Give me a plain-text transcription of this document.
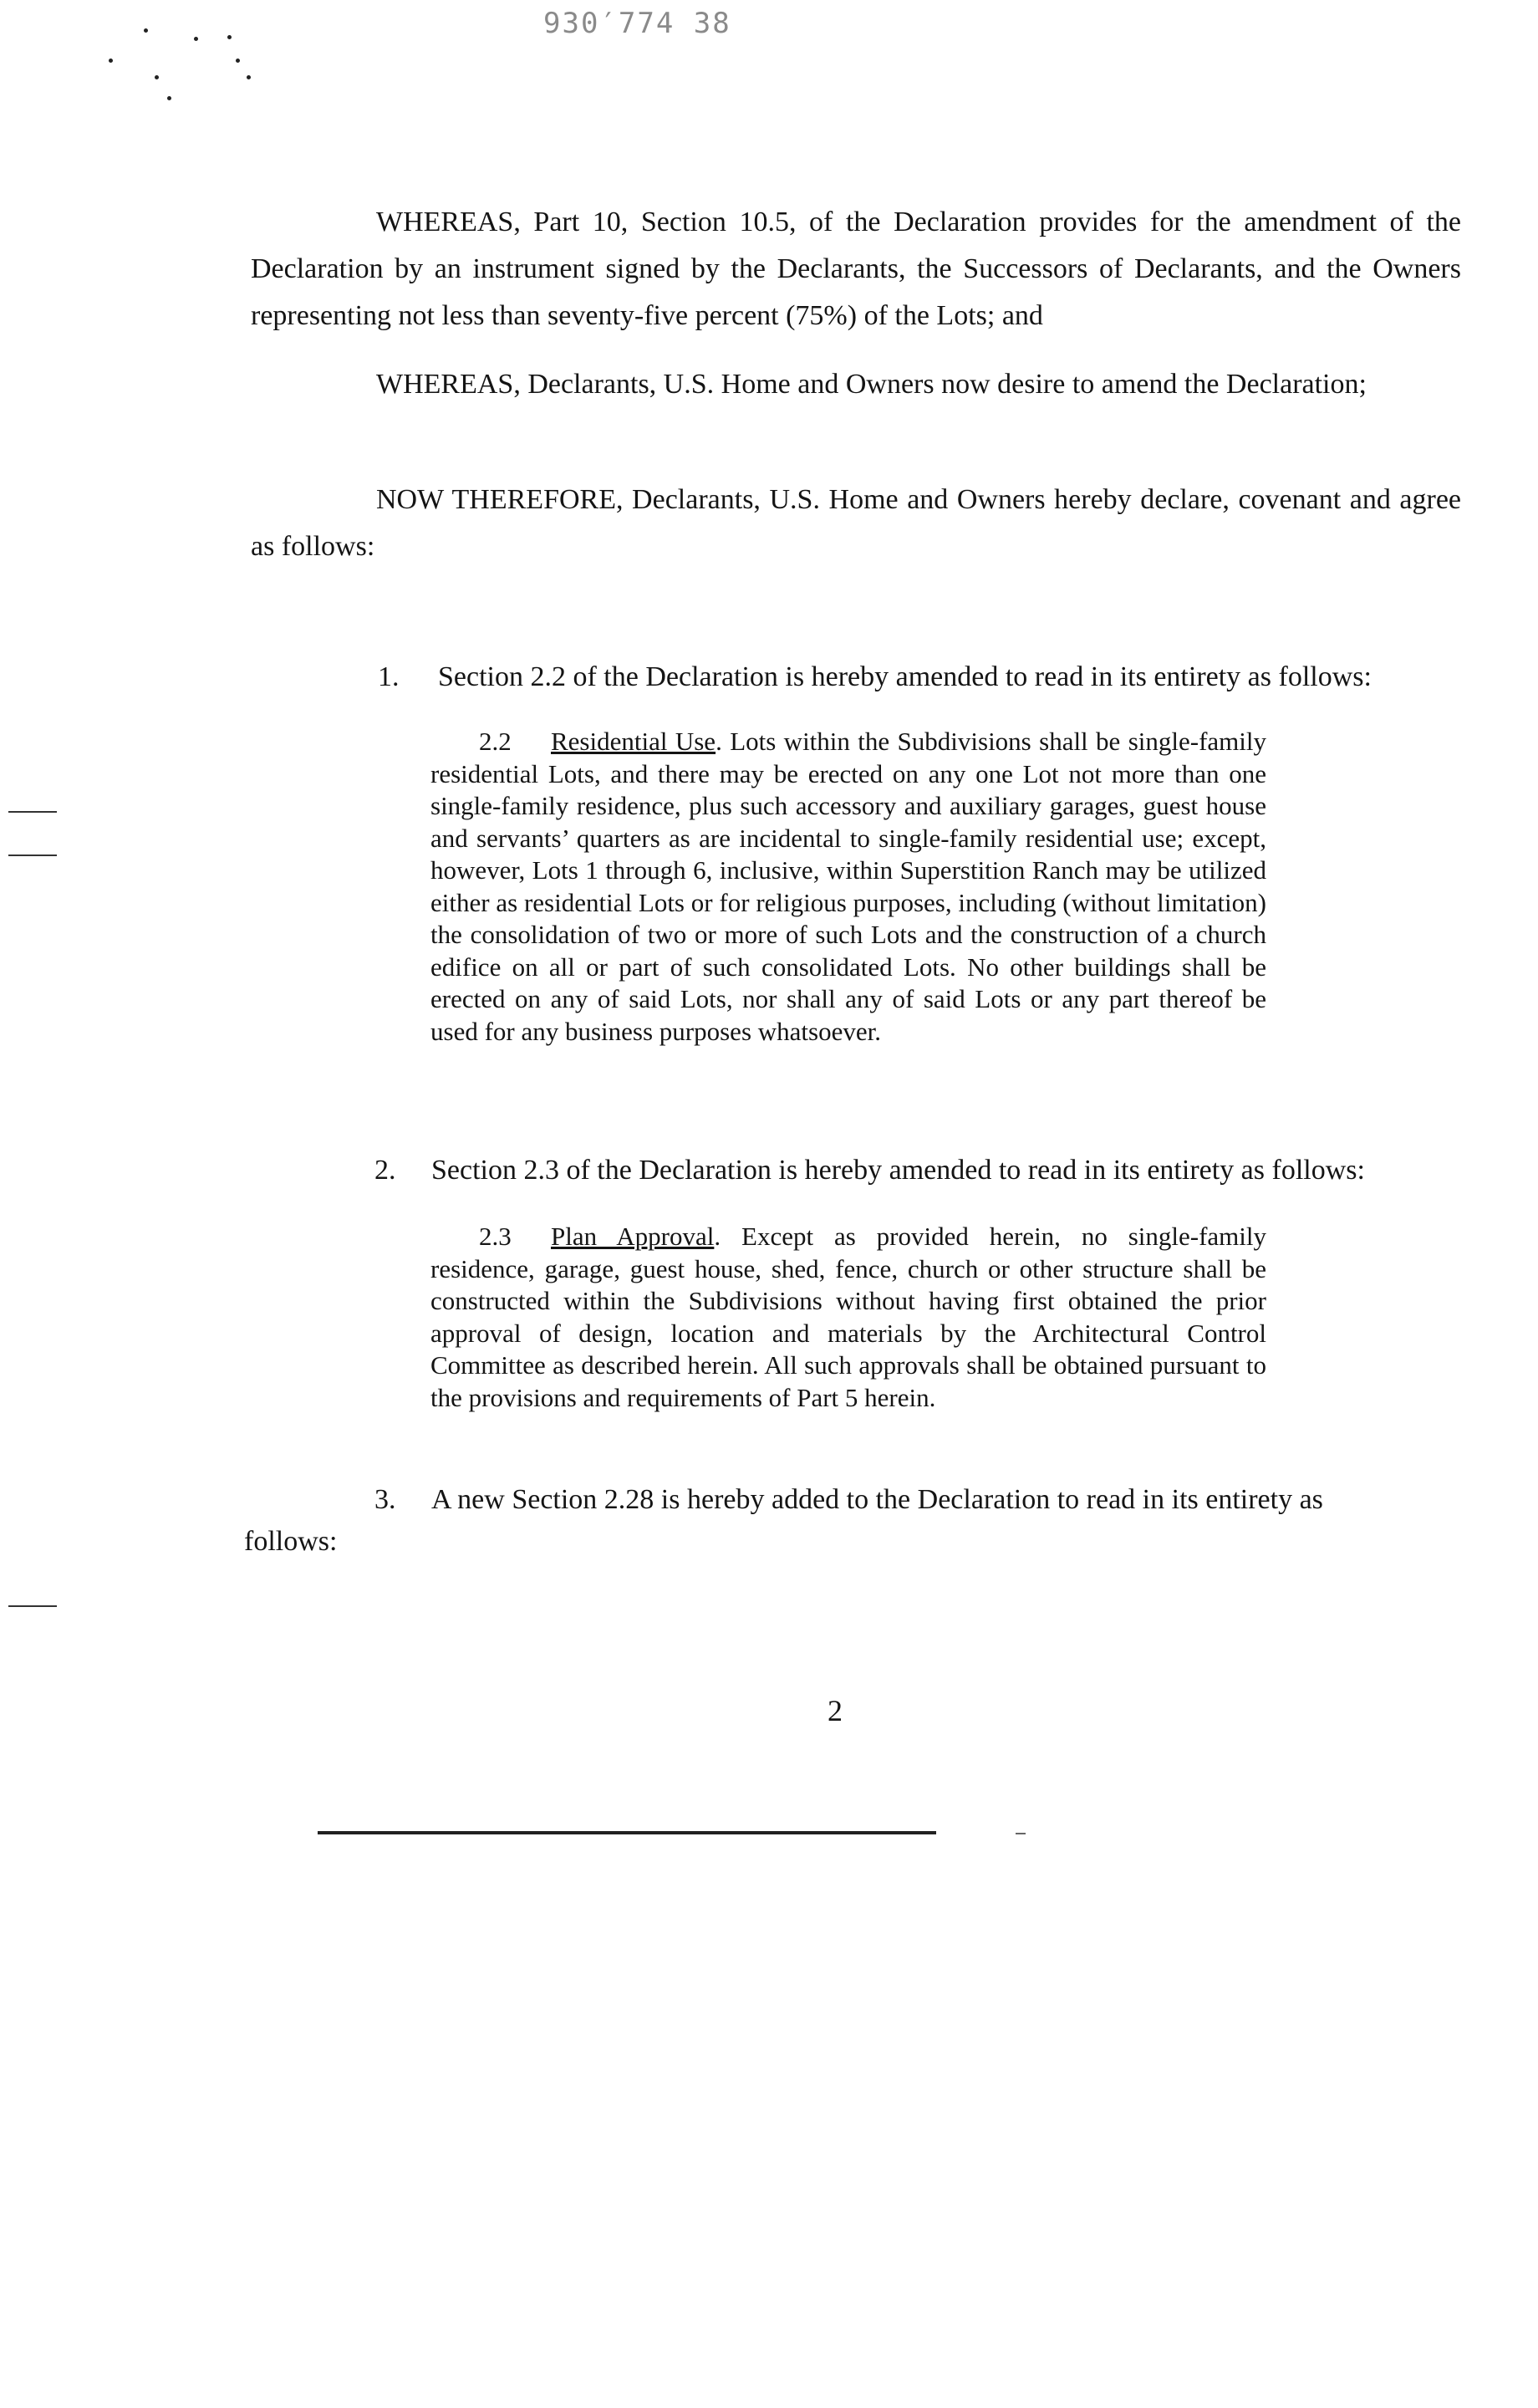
930′774 38

WHEREAS, Part 10, Section 10.5, of the Declaration provides for the amendment of the Declaration by an instrument signed by the Declarants, the Successors of Declarants, and the Owners representing not less than seventy-five percent (75%) of the Lots; and

WHEREAS, Declarants, U.S. Home and Owners now desire to amend the Declaration;

NOW THEREFORE, Declarants, U.S. Home and Owners hereby declare, covenant and agree as follows:

1. Section 2.2 of the Declaration is hereby amended to read in its entirety as follows:

2.2 Residential Use. Lots within the Subdivisions shall be single-family residential Lots, and there may be erected on any one Lot not more than one single-family residence, plus such accessory and auxiliary garages, guest house and servants’ quarters as are incidental to single-family residential use; except, however, Lots 1 through 6, inclusive, within Superstition Ranch may be utilized either as residential Lots or for religious purposes, including (without limitation) the consolidation of two or more of such Lots and the construction of a church edifice on all or part of such consolidated Lots. No other buildings shall be erected on any of said Lots, nor shall any of said Lots or any part thereof be used for any business purposes whatsoever.

2. Section 2.3 of the Declaration is hereby amended to read in its entirety as follows:

2.3 Plan Approval. Except as provided herein, no single-family residence, garage, guest house, shed, fence, church or other structure shall be constructed within the Subdivisions without having first obtained the prior approval of design, location and materials by the Architectural Control Committee as described herein. All such approvals shall be obtained pursuant to the provisions and requirements of Part 5 herein.

3. A new Section 2.28 is hereby added to the Declaration to read in its entirety as

follows:

2
